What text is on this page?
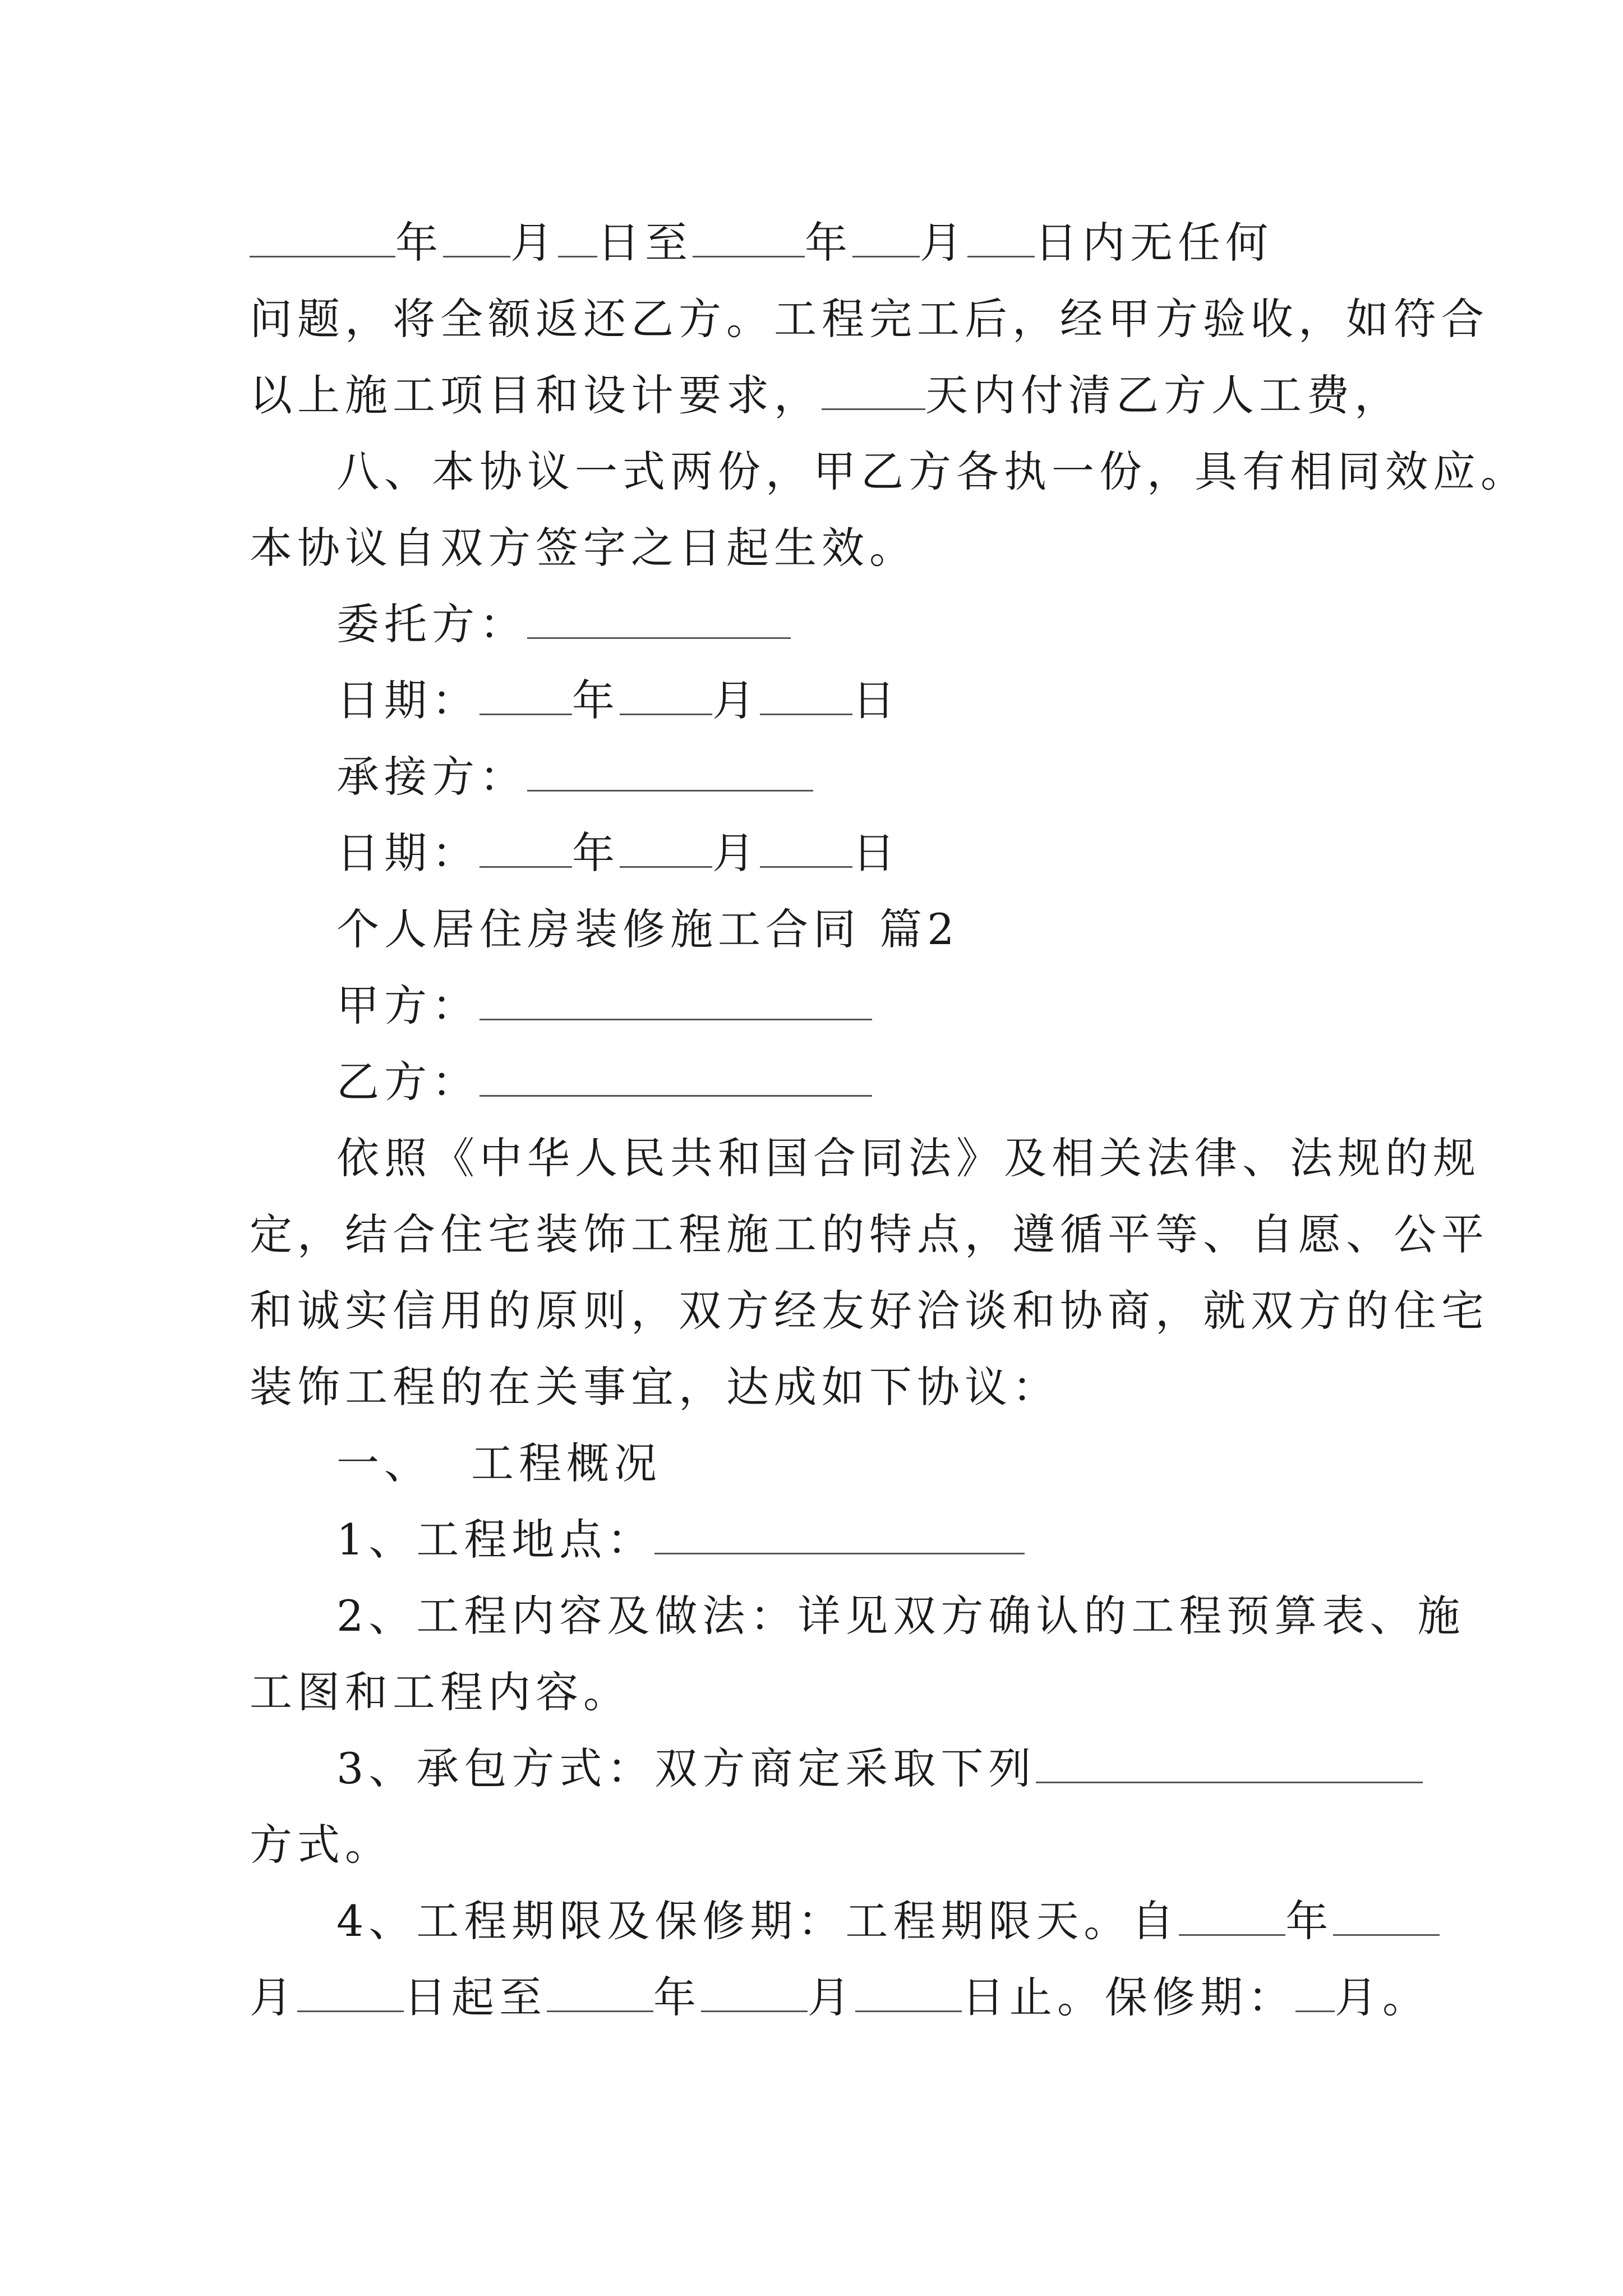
年 月 日至	年 月 日内无任何
问题，将全额返还乙方。工程完工后，经甲方验收，如符合
以上施工项目和设计要求， 天内付清乙方人工费，
八、本协议一式两份，甲乙方各执一份，具有相同效应。
本协议自双方签字之日起生效。
委托方：
日期： 年 月 日
承接方：
日期： 年 月 日
个人居住房装修施工合同 篇2
甲方：
乙方：
依照《中华人民共和国合同法》及相关法律、法规的规
定，结合住宅装饰工程施工的特点，遵循平等、自愿、公平
和诚实信用的原则，双方经友好洽谈和协商，就双方的住宅
装饰工程的在关事宜，达成如下协议：
一、 工程概况
1、工程地点：
2、工程内容及做法：详见双方确认的工程预算表、施
工图和工程内容。
3、承包方式：双方商定采取下列
方式。
4、工程期限及保修期：工程期限天。自	年
月	日起至	年	月	日止。保修期： 月。
